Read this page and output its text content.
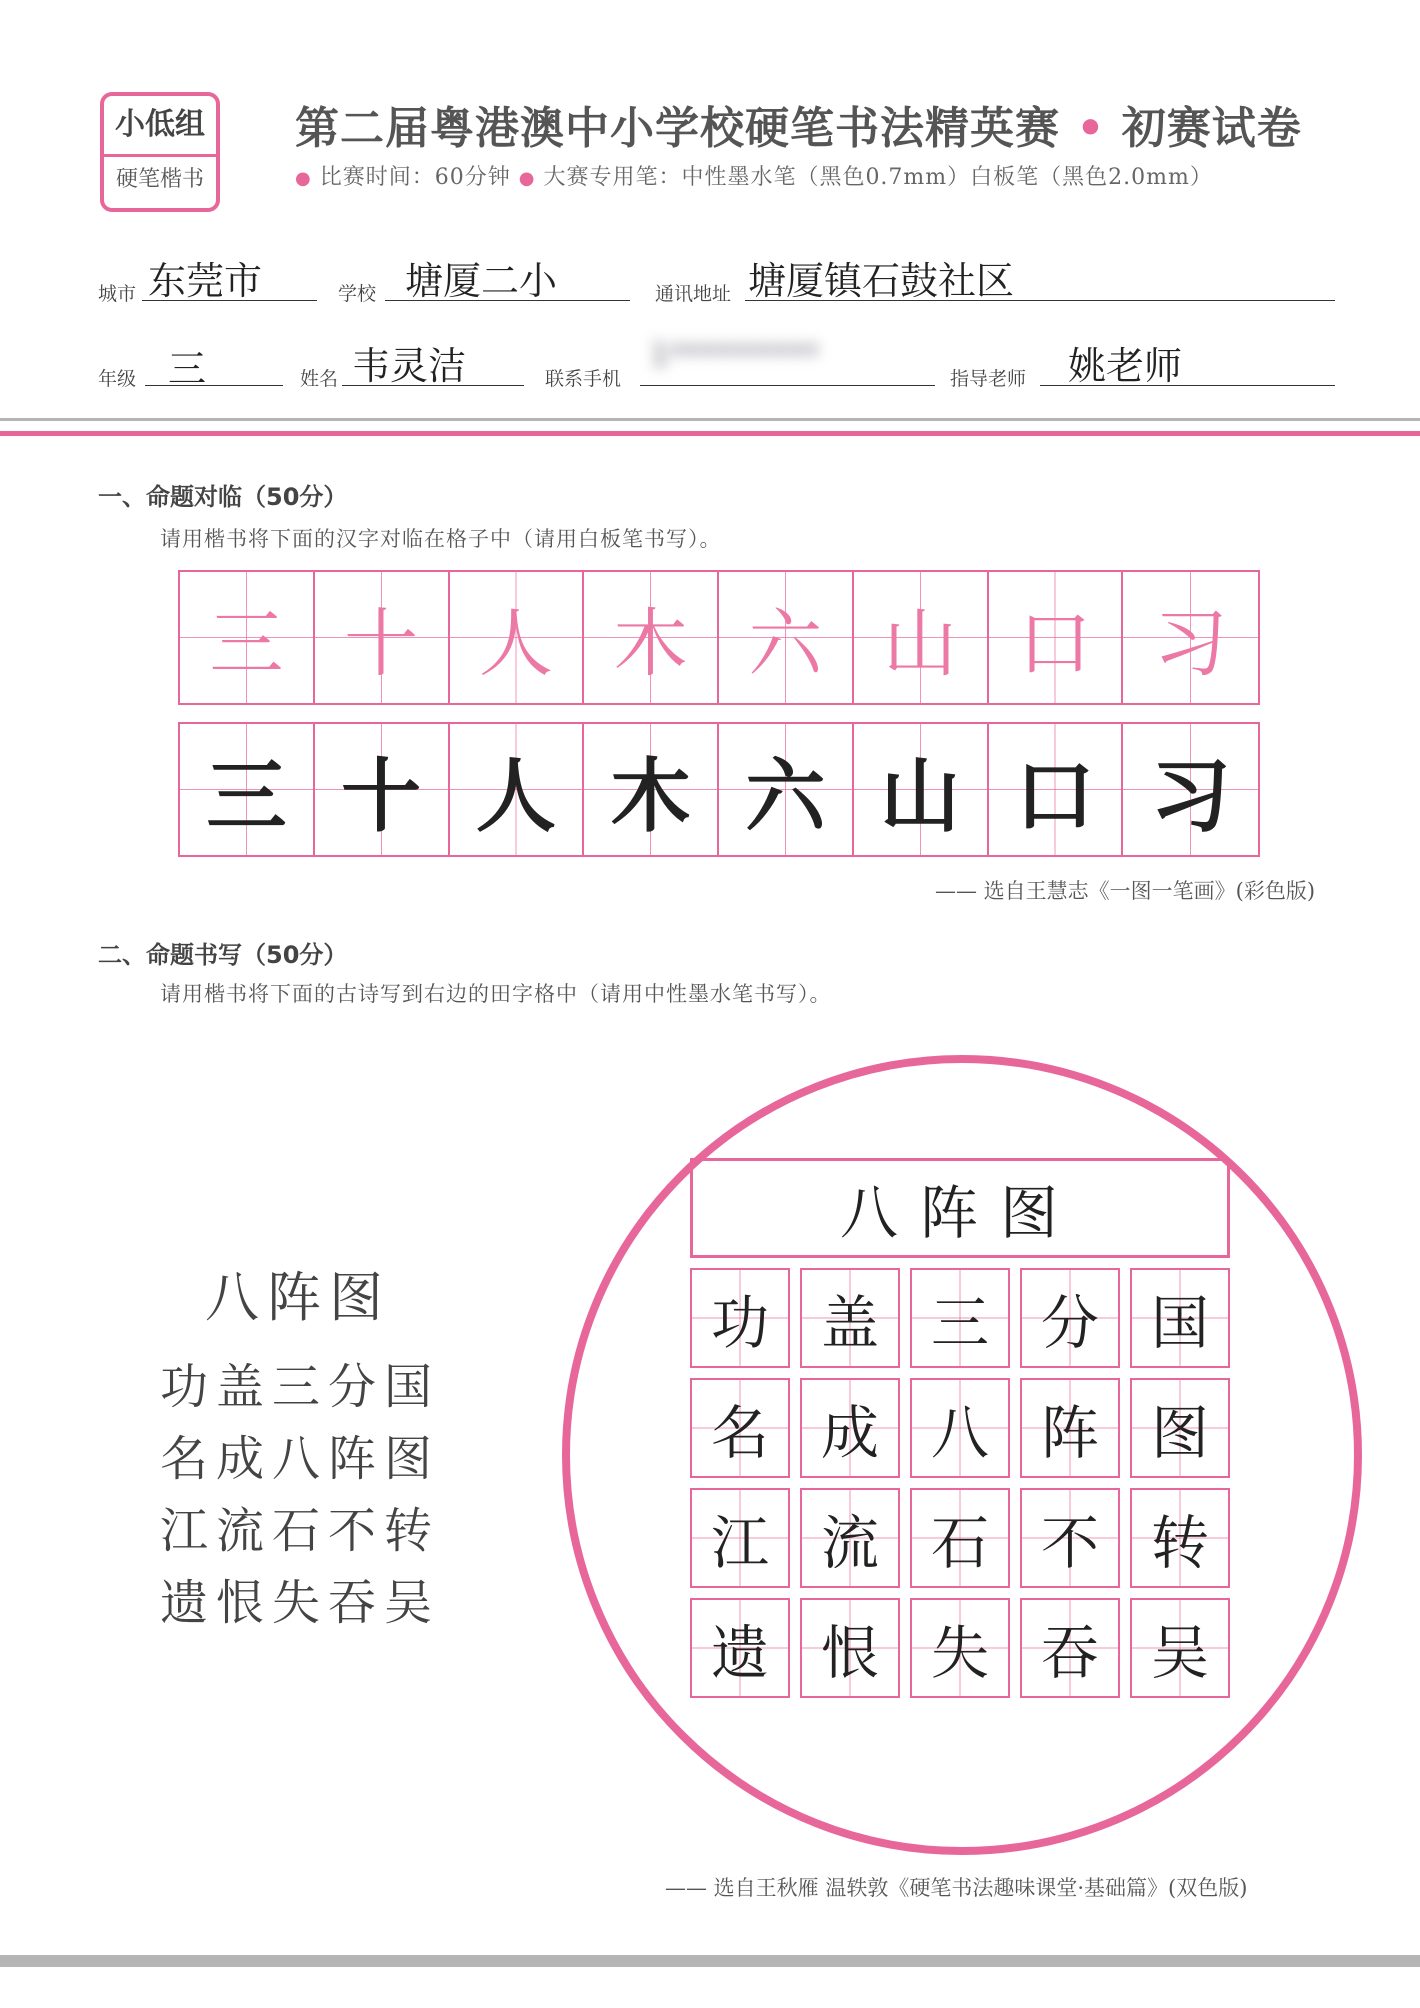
小低组
硬笔楷书
第二届粤港澳中小学校硬笔书法精英赛 • 初赛试卷
● 比赛时间：60分钟 ● 大赛专用笔：中性墨水笔（黑色0.7mm）白板笔（黑色2.0mm）
城市 东莞市	学校 塘厦二小	通讯地址 塘厦镇石鼓社区
年级 三	姓名 韦灵洁	联系手机
1**********
指导老师 姚老师
一、命题对临（50分）
请用楷书将下面的汉字对临在格子中（请用白板笔书写）。
三 十 人 木 六 山 口 习
三 十 人 木 六 山 口 习
—— 选自王慧志《一图一笔画》(彩色版)
二、命题书写（50分）
请用楷书将下面的古诗写到右边的田字格中（请用中性墨水笔书写）。
八阵图
功盖三分国
名成八阵图
江流石不转
遗恨失吞吴
八阵图
功 盖 三 分 国
名 成 八 阵 图
江 流 石 不 转
遗 恨 失 吞 吴
—— 选自王秋雁 温轶敦《硬笔书法趣味课堂·基础篇》(双色版)
